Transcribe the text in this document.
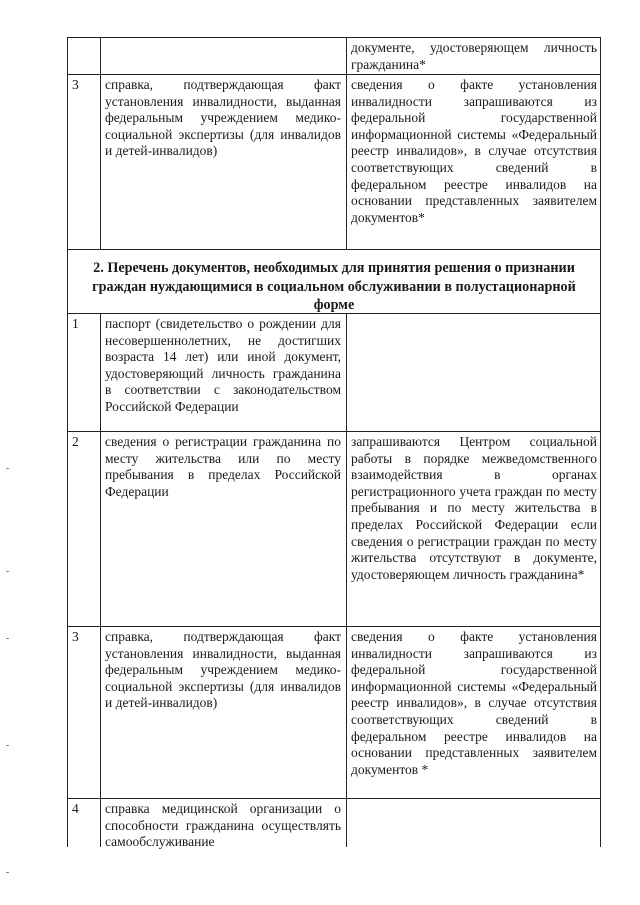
документе, удостоверяющем личность гражданина*
3 справка, подтверждающая факт установления инвалидности, выданная федеральным учреждением медико-социальной экспертизы (для инвалидов и детей-инвалидов)
сведения о факте установления инвалидности запрашиваются из федеральной государственной информационной системы «Федеральный реестр инвалидов», в случае отсутствия соответствующих сведений в федеральном реестре инвалидов на основании представленных заявителем документов*
2. Перечень документов, необходимых для принятия решения о признании граждан нуждающимися в социальном обслуживании в полустационарной форме
1 паспорт (свидетельство о рождении для несовершеннолетних, не достигших возраста 14 лет) или иной документ, удостоверяющий личность гражданина в соответствии с законодательством Российской Федерации
2 сведения о регистрации гражданина по месту жительства или по месту пребывания в пределах Российской Федерации
запрашиваются Центром социальной работы в порядке межведомственного взаимодействия в органах регистрационного учета граждан по месту пребывания и по месту жительства в пределах Российской Федерации если сведения о регистрации граждан по месту жительства отсутствуют в документе, удостоверяющем личность гражданина*
3 справка, подтверждающая факт установления инвалидности, выданная федеральным учреждением медико-социальной экспертизы (для инвалидов и детей-инвалидов)
сведения о факте установления инвалидности запрашиваются из федеральной государственной информационной системы «Федеральный реестр инвалидов», в случае отсутствия соответствующих сведений в федеральном реестре инвалидов на основании представленных заявителем документов *
4 справка медицинской организации о способности гражданина осуществлять самообслуживание
